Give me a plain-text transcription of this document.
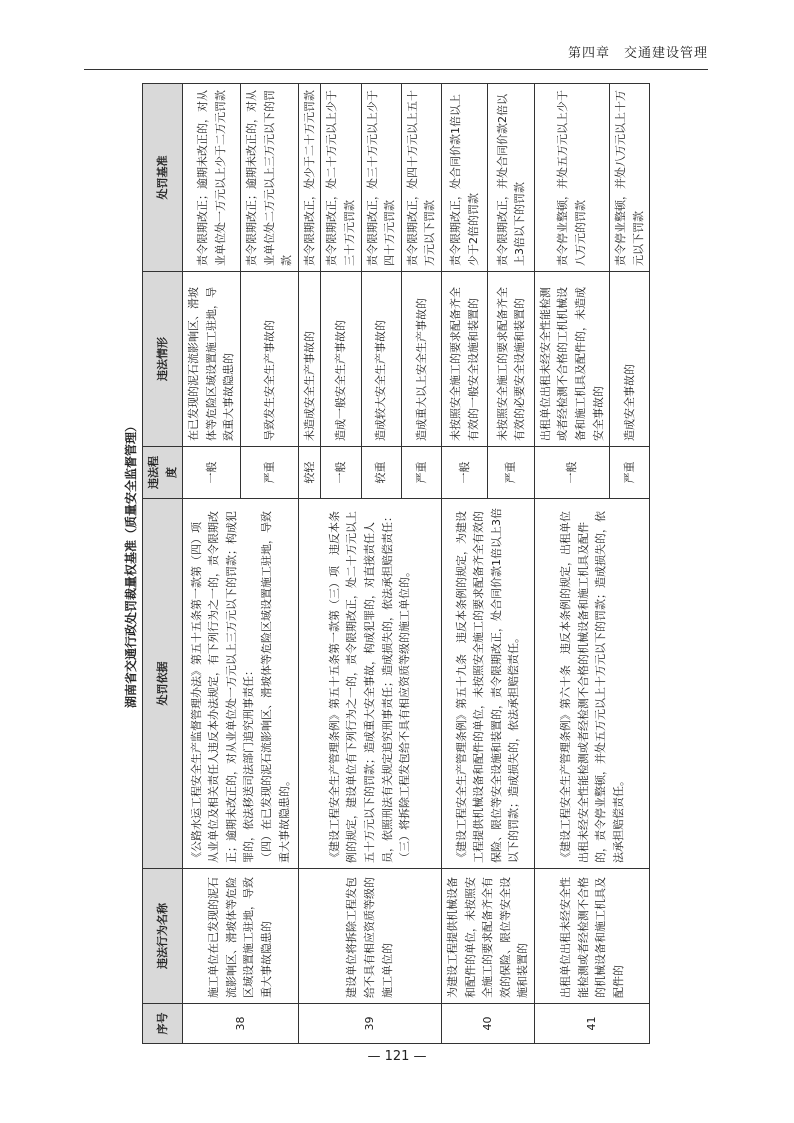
第四章　交通建设管理
湖南省交通行政处罚裁量权基准（质量安全监督管理）
序号	违法行为名称	处罚依据	违法程度	违法情形	处罚基准
38	施工单位在已发现的泥石流影响区、滑坡体等危险区域设置施工驻地，导致重大事故隐患的	《公路水运工程安全生产监督管理办法》第五十五条第一款第（四）项　从业单位及相关责任人违反本办法规定，有下列行为之一的，责令限期改正；逾期未改正的，对从业单位处一万元以上三万元以下的罚款；构成犯罪的，依法移送司法部门追究刑事责任： （四）在已发现的泥石流影响区、滑坡体等危险区域设置施工驻地，导致重大事故隐患的。	一般	在已发现的泥石流影响区、滑坡体等危险区域设置施工驻地，导致重大事故隐患的	责令限期改正；逾期未改正的，对从业单位处一万元以上少于二万元罚款
			严重	导致发生安全生产事故的	责令限期改正；逾期未改正的，对从业单位处二万元以上三万元以下的罚款
39	建设单位将拆除工程发包给不具有相应资质等级的施工单位的	《建设工程安全生产管理条例》第五十五条第一款第（三）项　违反本条例的规定，建设单位有下列行为之一的，责令限期改正，处二十万元以上五十万元以下的罚款；造成重大安全事故，构成犯罪的，对直接责任人员，依照刑法有关规定追究刑事责任；造成损失的，依法承担赔偿责任： （三）将拆除工程发包给不具有相应资质等级的施工单位的。	较轻	未造成安全生产事故的	责令限期改正，处少于二十万元罚款
			一般	造成一般安全生产事故的	责令限期改正，处二十万元以上少于三十万元罚款
			较重	造成较大安全生产事故的	责令限期改正，处三十万元以上少于四十万元罚款
			严重	造成重大以上安全生产事故的	责令限期改正，处四十万元以上五十万元以下罚款
40	为建设工程提供机械设备和配件的单位，未按照安全施工的要求配备齐全有效的保险、限位等安全设施和装置的	《建设工程安全生产管理条例》第五十九条　违反本条例的规定，为建设工程提供机械设备和配件的单位，未按照安全施工的要求配备齐全有效的保险、限位等安全设施和装置的，责令限期改正，处合同价款1倍以上3倍以下的罚款；造成损失的，依法承担赔偿责任。	一般	未按照安全施工的要求配备齐全有效的一般安全设施和装置的	责令限期改正，处合同价款1倍以上少于2倍的罚款
			严重	未按照安全施工的要求配备齐全有效的必要安全设施和装置的	责令限期改正，并处合同价款2倍以上3倍以下的罚款
41	出租单位出租未经安全性能检测或者经检测不合格的机械设备和施工机具及配件的	《建设工程安全生产管理条例》第六十条　违反本条例的规定，出租单位出租未经安全性能检测或者经检测不合格的机械设备和施工机具及配件的，责令停业整顿，并处五万元以上十万元以下的罚款；造成损失的，依法承担赔偿责任。	一般	出租单位出租未经安全性能检测或者经检测不合格的工机机械设备和施工机具及配件的，未造成安全事故的	责令停业整顿，并处五万元以上少于八万元的罚款
			严重	造成安全事故的	责令停业整顿，并处八万元以上十万元以下罚款
— 121 —
